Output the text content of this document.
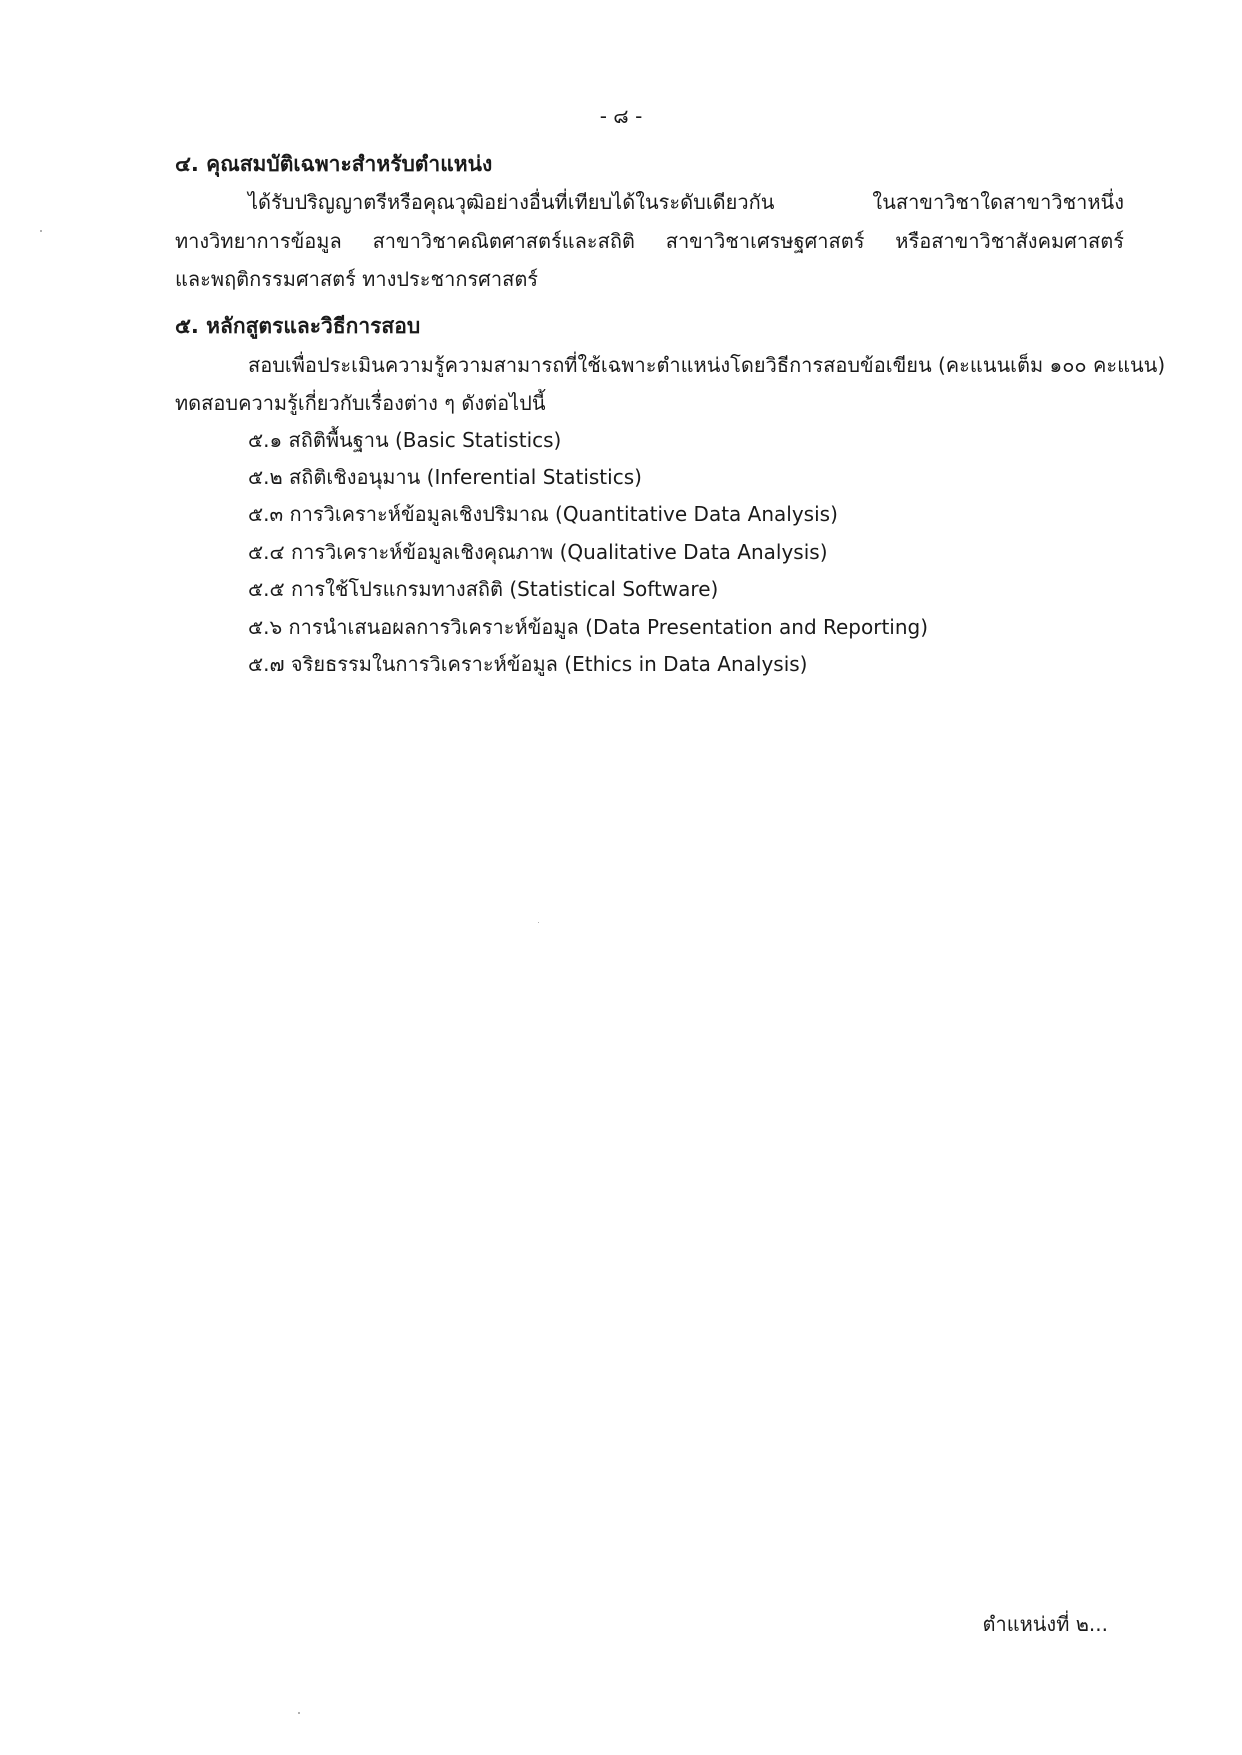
- ๘ -
๔. คุณสมบัติเฉพาะสำหรับตำแหน่ง
ได้รับปริญญาตรีหรือคุณวุฒิอย่างอื่นที่เทียบได้ในระดับเดียวกัน ในสาขาวิชาใดสาขาวิชาหนึ่ง
ทางวิทยาการข้อมูล สาขาวิชาคณิตศาสตร์และสถิติ สาขาวิชาเศรษฐศาสตร์ หรือสาขาวิชาสังคมศาสตร์
และพฤติกรรมศาสตร์ ทางประชากรศาสตร์
๕. หลักสูตรและวิธีการสอบ
สอบเพื่อประเมินความรู้ความสามารถที่ใช้เฉพาะตำแหน่งโดยวิธีการสอบข้อเขียน (คะแนนเต็ม ๑๐๐ คะแนน)
ทดสอบความรู้เกี่ยวกับเรื่องต่าง ๆ ดังต่อไปนี้
๕.๑ สถิติพื้นฐาน (Basic Statistics)
๕.๒ สถิติเชิงอนุมาน (Inferential Statistics)
๕.๓ การวิเคราะห์ข้อมูลเชิงปริมาณ (Quantitative Data Analysis)
๕.๔ การวิเคราะห์ข้อมูลเชิงคุณภาพ (Qualitative Data Analysis)
๕.๕ การใช้โปรแกรมทางสถิติ (Statistical Software)
๕.๖ การนำเสนอผลการวิเคราะห์ข้อมูล (Data Presentation and Reporting)
๕.๗ จริยธรรมในการวิเคราะห์ข้อมูล (Ethics in Data Analysis)
ตำแหน่งที่ ๒...
